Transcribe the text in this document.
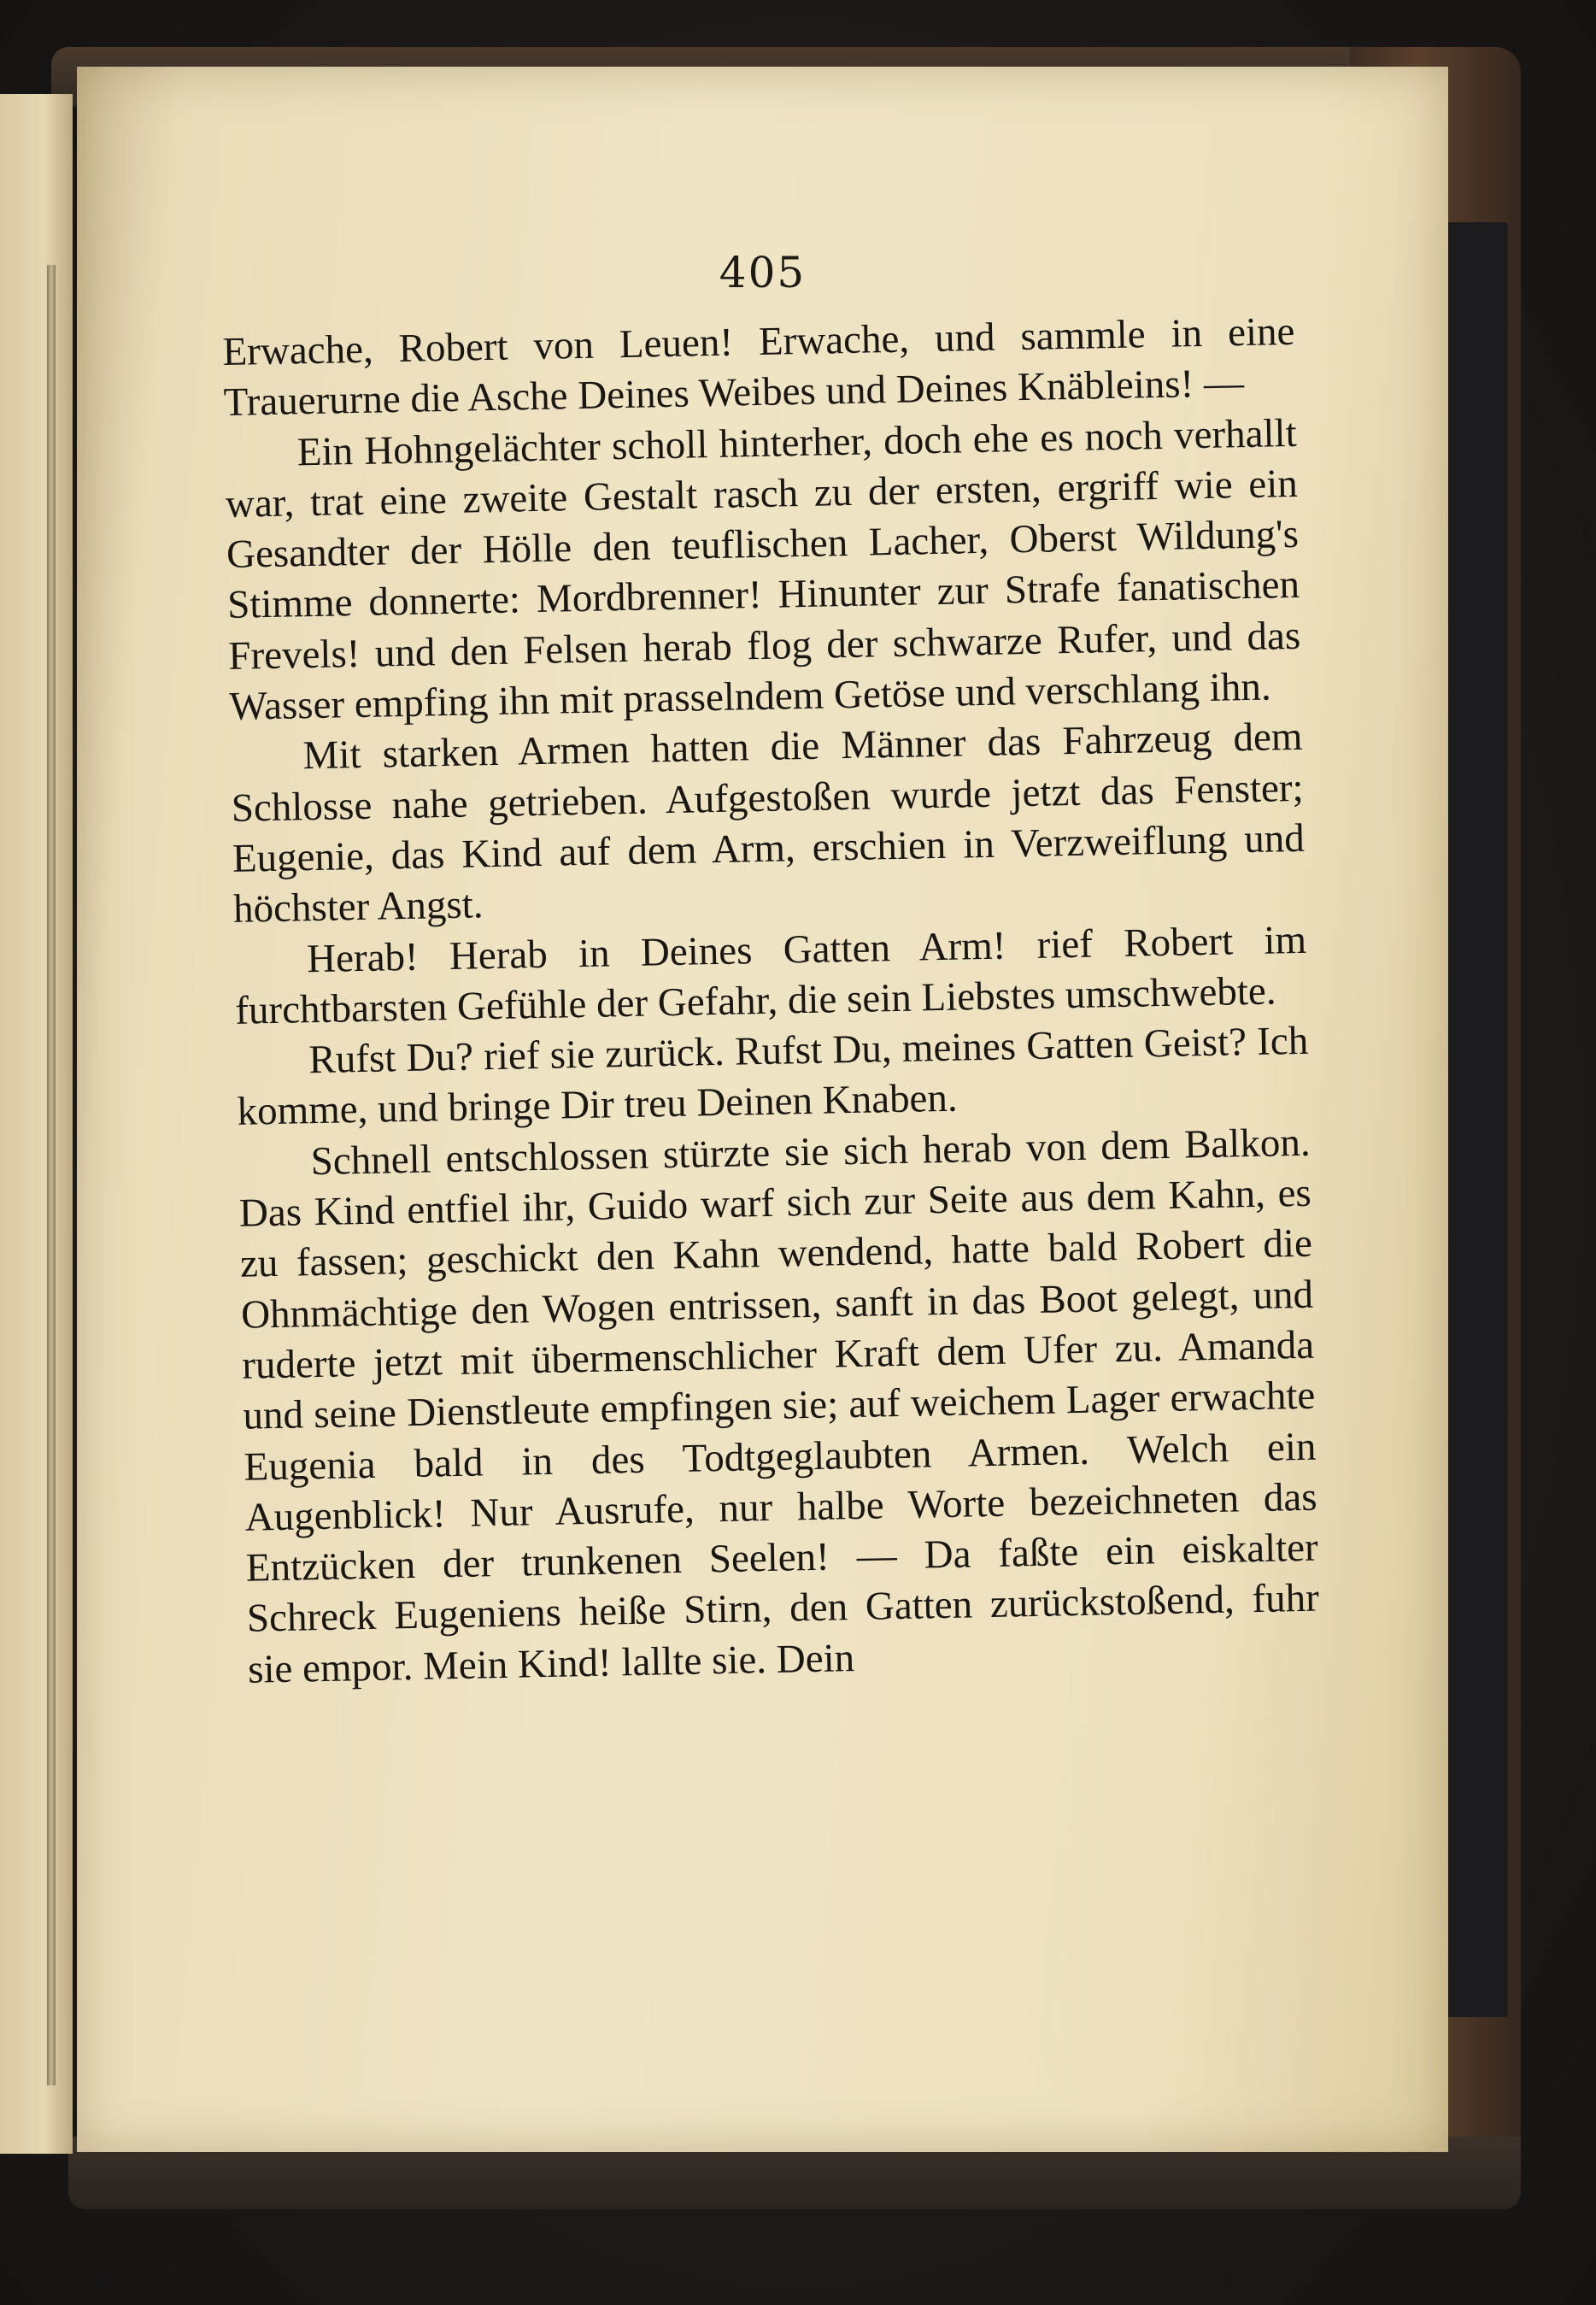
405

Erwache, Robert von Leuen! Erwache, und sammle in eine Trauerurne die Asche Deines Weibes und Deines Knäbleins! —

Ein Hohngelächter scholl hinterher, doch ehe es noch verhallt war, trat eine zweite Gestalt rasch zu der ersten, ergriff wie ein Gesandter der Hölle den teuflischen Lacher, Oberst Wildung's Stimme donnerte: Mordbrenner! Hinunter zur Strafe fanatischen Frevels! und den Felsen herab flog der schwarze Rufer, und das Wasser empfing ihn mit prasselndem Getöse und verschlang ihn.

Mit starken Armen hatten die Männer das Fahrzeug dem Schlosse nahe getrieben. Aufgestoßen wurde jetzt das Fenster; Eugenie, das Kind auf dem Arm, erschien in Verzweiflung und höchster Angst.

Herab! Herab in Deines Gatten Arm! rief Robert im furchtbarsten Gefühle der Gefahr, die sein Liebstes umschwebte.

Rufst Du? rief sie zurück. Rufst Du, meines Gatten Geist? Ich komme, und bringe Dir treu Deinen Knaben.

Schnell entschlossen stürzte sie sich herab von dem Balkon. Das Kind entfiel ihr, Guido warf sich zur Seite aus dem Kahn, es zu fassen; geschickt den Kahn wendend, hatte bald Robert die Ohnmächtige den Wogen entrissen, sanft in das Boot gelegt, und ruderte jetzt mit übermenschlicher Kraft dem Ufer zu. Amanda und seine Dienstleute empfingen sie; auf weichem Lager erwachte Eugenia bald in des Todtgeglaubten Armen. Welch ein Augenblick! Nur Ausrufe, nur halbe Worte bezeichneten das Entzücken der trunkenen Seelen! — Da faßte ein eiskalter Schreck Eugeniens heiße Stirn, den Gatten zurückstoßend, fuhr sie empor. Mein Kind! lallte sie. Dein
